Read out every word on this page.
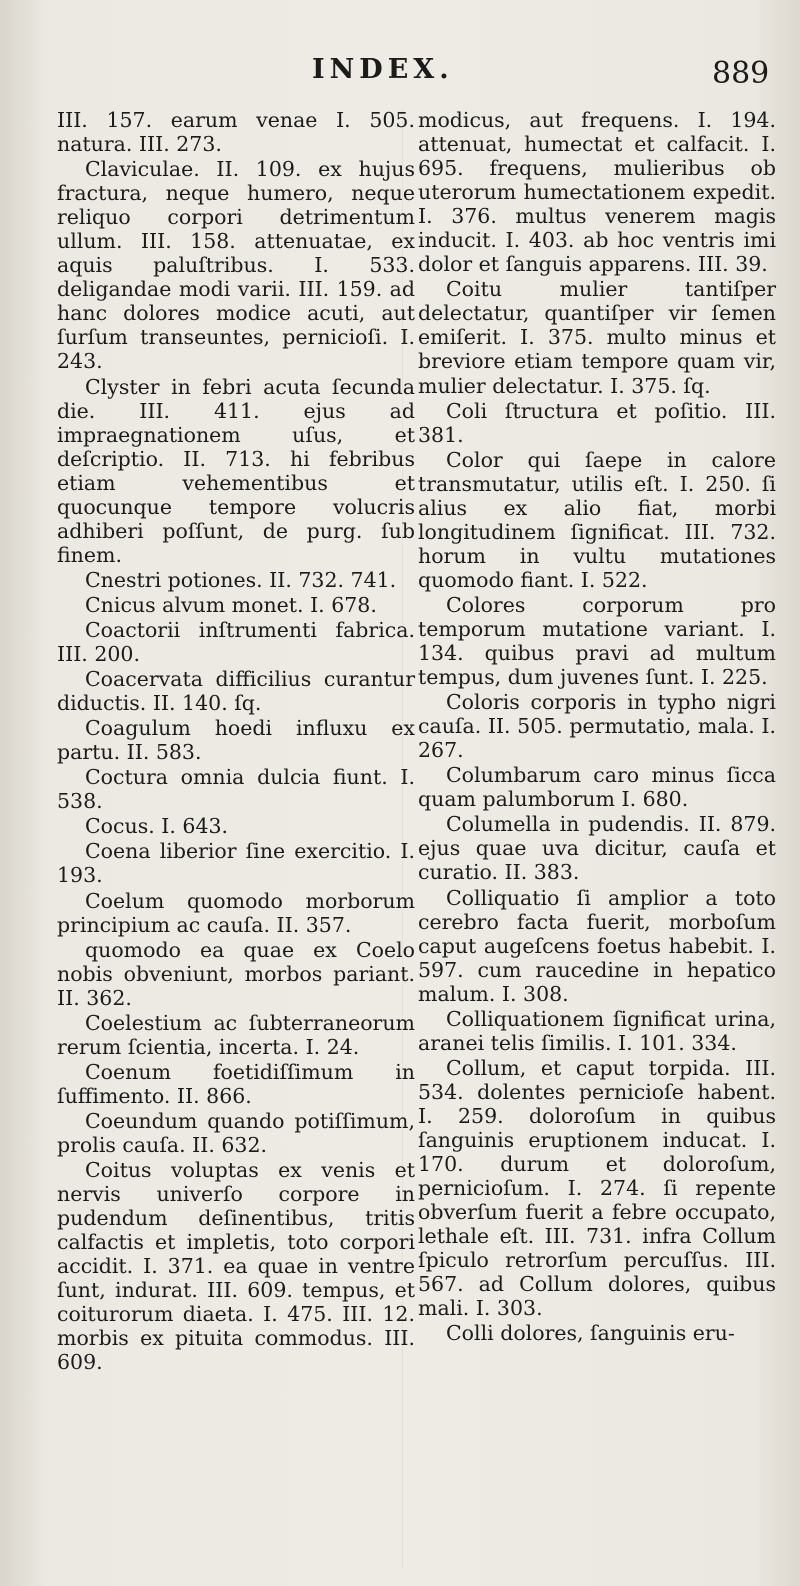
INDEX.	889

III. 157. earum venae I. 505. natura. III. 273.

Claviculae. II. 109. ex hujus fractura, neque humero, neque reliquo corpori detrimentum ullum. III. 158. attenuatae, ex aquis paluſtribus. I. 533. deligandae modi varii. III. 159. ad hanc dolores modice acuti, aut ſurſum transeuntes, pernicioſi. I. 243.

Clyster in febri acuta ſecunda die. III. 411. ejus ad impraegnationem uſus, et deſcriptio. II. 713. hi febribus etiam vehementibus et quocunque tempore volucris adhiberi poſſunt, de purg. ſub finem.

Cnestri potiones. II. 732. 741.

Cnicus alvum monet. I. 678.

Coactorii inſtrumenti fabrica. III. 200.

Coacervata difficilius curantur diductis. II. 140. ſq.

Coagulum hoedi influxu ex partu. II. 583.

Coctura omnia dulcia fiunt. I. 538.

Cocus. I. 643.

Coena liberior ſine exercitio. I. 193.

Coelum quomodo morborum principium ac cauſa. II. 357.

quomodo ea quae ex Coelo nobis obveniunt, morbos pariant. II. 362.

Coelestium ac ſubterraneorum rerum ſcientia, incerta. I. 24.

Coenum foetidiſſimum in ſuffimento. II. 866.

Coeundum quando potiſſimum, prolis cauſa. II. 632.

Coitus voluptas ex venis et nervis univerſo corpore in pudendum deſinentibus, tritis calfactis et impletis, toto corpori accidit. I. 371. ea quae in ventre ſunt, indurat. III. 609. tempus, et coiturorum diaeta. I. 475. III. 12. morbis ex pituita commodus. III. 609.

modicus, aut frequens. I. 194. attenuat, humectat et calfacit. I. 695. frequens, mulieribus ob uterorum humectationem expedit. I. 376. multus venerem magis inducit. I. 403. ab hoc ventris imi dolor et ſanguis apparens. III. 39.

Coitu mulier tantiſper delectatur, quantiſper vir ſemen emiſerit. I. 375. multo minus et breviore etiam tempore quam vir, mulier delectatur. I. 375. ſq.

Coli ſtructura et poſitio. III. 381.

Color qui ſaepe in calore transmutatur, utilis eſt. I. 250. ſi alius ex alio fiat, morbi longitudinem ſignificat. III. 732. horum in vultu mutationes quomodo fiant. I. 522.

Colores corporum pro temporum mutatione variant. I. 134. quibus pravi ad multum tempus, dum juvenes ſunt. I. 225.

Coloris corporis in typho nigri cauſa. II. 505. permutatio, mala. I. 267.

Columbarum caro minus ſicca quam palumborum I. 680.

Columella in pudendis. II. 879. ejus quae uva dicitur, cauſa et curatio. II. 383.

Colliquatio ſi amplior a toto cerebro facta fuerit, morboſum caput augeſcens foetus habebit. I. 597. cum raucedine in hepatico malum. I. 308.

Colliquationem ſignificat urina, aranei telis ſimilis. I. 101. 334.

Collum, et caput torpida. III. 534. dolentes pernicioſe habent. I. 259. doloroſum in quibus ſanguinis eruptionem inducat. I. 170. durum et doloroſum, pernicioſum. I. 274. ſi repente obverſum fuerit a febre occupato, lethale eſt. III. 731. infra Collum ſpiculo retrorſum percuſſus. III. 567. ad Collum dolores, quibus mali. I. 303.

Colli dolores, ſanguinis eru-
